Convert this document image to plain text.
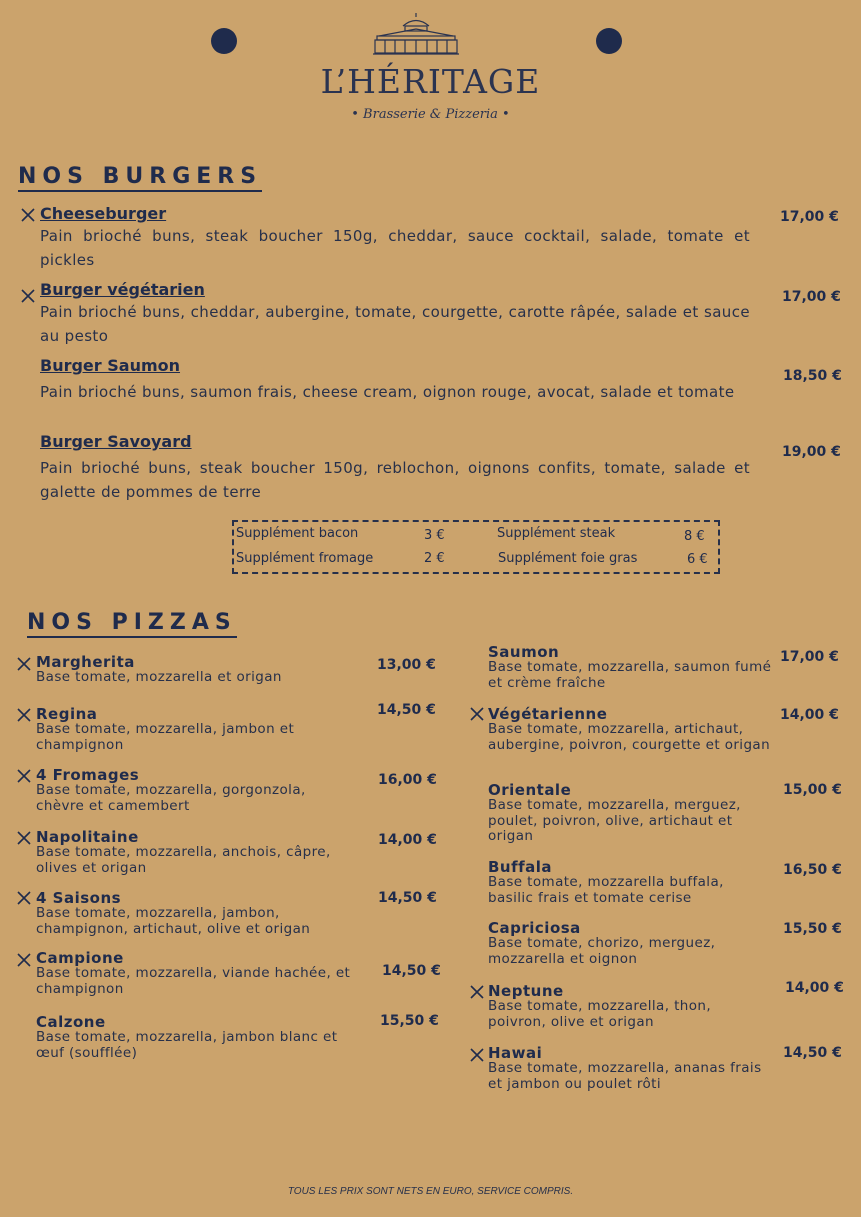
L’HÉRITAGE
• Brasserie & Pizzeria •
NOS BURGERS
Cheeseburger
Pain brioché buns, steak boucher 150g, cheddar, sauce cocktail, salade, tomate et pickles
17,00 €
Burger végétarien
Pain brioché buns, cheddar, aubergine, tomate, courgette, carotte râpée, salade et sauce au pesto
17,00 €
Burger Saumon
Pain brioché buns, saumon frais, cheese cream, oignon rouge, avocat, salade et tomate
18,50 €
Burger Savoyard
Pain brioché buns, steak boucher 150g, reblochon, oignons confits, tomate, salade et galette de pommes de terre
19,00 €
Supplément bacon	3 €
Supplément fromage	2 €
Supplément steak	8 €
Supplément foie gras	6 €
NOS PIZZAS
Margherita
Base tomate, mozzarella et origan
13,00 €
Regina
Base tomate, mozzarella, jambon et champignon
14,50 €
4 Fromages
Base tomate, mozzarella, gorgonzola, chèvre et camembert
16,00 €
Napolitaine
Base tomate, mozzarella, anchois, câpre, olives et origan
14,00 €
4 Saisons
Base tomate, mozzarella, jambon, champignon, artichaut, olive et origan
14,50 €
Campione
Base tomate, mozzarella, viande hachée, et champignon
14,50 €
Calzone
Base tomate, mozzarella, jambon blanc et œuf (soufflée)
15,50 €
Saumon
Base tomate, mozzarella, saumon fumé et crème fraîche
17,00 €
Végétarienne
Base tomate, mozzarella, artichaut, aubergine, poivron, courgette et origan
14,00 €
Orientale
Base tomate, mozzarella, merguez, poulet, poivron, olive, artichaut et origan
15,00 €
Buffala
Base tomate, mozzarella buffala, basilic frais et tomate cerise
16,50 €
Capriciosa
Base tomate, chorizo, merguez, mozzarella et oignon
15,50 €
Neptune
Base tomate, mozzarella, thon, poivron, olive et origan
14,00 €
Hawai
Base tomate, mozzarella, ananas frais et jambon ou poulet rôti
14,50 €
TOUS LES PRIX SONT NETS EN EURO, SERVICE COMPRIS.
